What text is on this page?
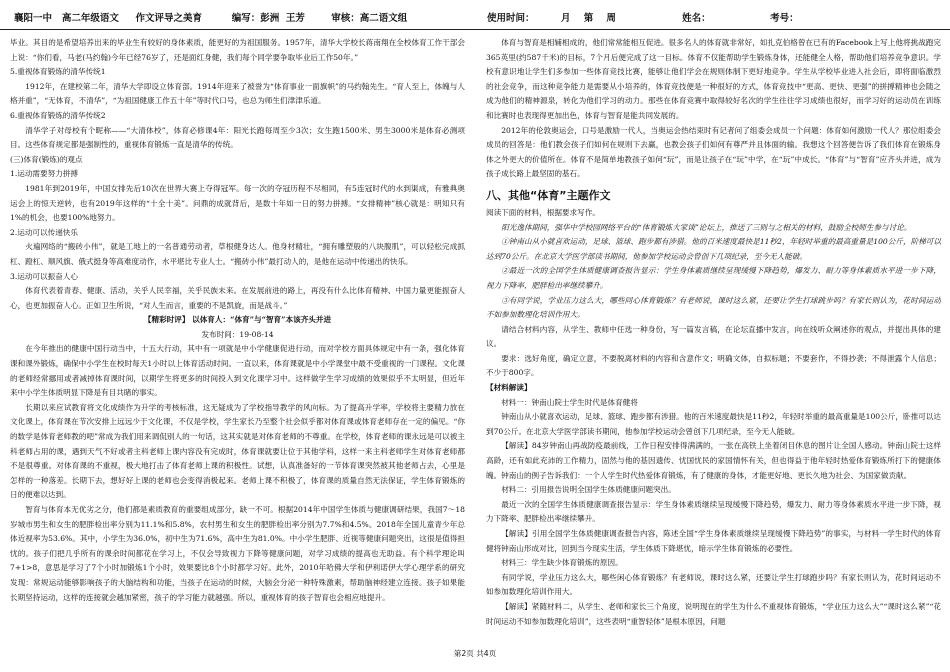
襄阳一中   高二年级语文     作文评导之美育         编写：彭洲  王芳        审核：高二语文组	使用时间：        月    第    周                    姓名：                  考号：

毕业。其目的是希望培养出来的毕业生有较好的身体素质，能更好的为祖国服务。1957年，清华大学校长蒋南翔在全校体育工作干部会上说：“你们看，马老(马约翰)今年已经76岁了，还是面红身健，我们每个同学要争取毕业后工作50年。”

5.重视体育锻炼的清华传统1

1912年，在建校第二年，清华大学即设立体育部。1914年迎来了被誉为“体育事业一面旗帜”的马约翰先生。“育人至上，体魄与人格并重”，“无体育，不清华”，“为祖国健康工作五十年”等时代口号，也总为师生们津津乐道。

6.重视体育锻炼的清华传统2

清华学子对母校有个昵称——“大清体校”，体育必修课4年：阳光长跑每周至少3次；女生跑1500米、男生3000米是体育必测项目。这些体育规定都是强制性的，重视体育锻炼一直是清华的传统。

(三)体育(锻炼)的观点

1.运动需要努力拼搏

1981年到2019年，中国女排先后10次在世界大赛上夺得冠军。每一次的夺冠历程不尽相同，有5连冠时代的水到渠成，有雅典奥运会上的惊天逆转，也有2019年这样的“十全十美”。问鼎的成就背后，是数十年如一日的努力拼搏。“女排精神”核心就是：明知只有1%的机会，也要100%地努力。

2.运动可以传递快乐

火遍网络的“搬砖小伟”，就是工地上的一名普通劳动者，草根健身达人。他身材精壮，“拥有雕塑般的八块腹肌”，可以轻松完成抓杠、蹬杠、顺风旗、俄式挺身等高难度动作，水平堪比专业人士。“搬砖小伟”最打动人的，是他在运动中传递出的快乐。

3.运动可以振奋人心

体育代表着青春、健康、活动，关乎人民幸福，关乎民族未来。在发展前进的路上，再没有什么比体育精神、中国力量更能振奋人心，也更加振奋人心。正如卫生所说，“对人生而言，重要的不是凯旋，而是战斗。”

【精彩时评】 以体育人：“体育”与“智育”本该齐头并进

发布时间：19-08-14

在今年推出的健康中国行动当中，十五大行动，其中有一项就是中小学健康促进行动，而对学校方面具体规定中有一条，强化体育课和课外锻炼，确保中小学生在校时每天1小时以上体育活动时间。一直以来，体育课就是中小学课堂中最不受重视的一门课程。文化课的老师经常挪用或者减掉体育课时间，以期学生将更多的时间投入到文化课学习中。这样做学生学习成绩的效果似乎不太明显，但近年来中小学生体质明显下降是有目共睹的事实。

长期以来应试教育将文化成绩作为升学的考核标准，这无疑成为了学校指导教学的风向标。为了提高升学率，学校将主要精力放在文化课上，体育课在节次安排上远远少于文化课，不仅是学校，学生家长乃至整个社会似乎都对体育课或体育老师存在一定的偏见。“你的数学是体育老师教的吧”常成为我们用来调侃别人的一句话，这其实就是对体育老师的不尊重。在学校，体育老师的课永远是可以被主科老师占用的课，遇到天气不好或者主科老师上课内容没有完成时，体育课就要让位于其他学科，这样一来主科老师学生对体育老师都不是很尊重。对体育课的不重视，极大地打击了体育老师上课的积极性。试想，认真准备好的一节体育课突然被其他老师占去，心里是怎样的一种落差。长期下去，想好好上课的老师也会变得消极起来。老师上课不积极了，体育课的质量自然无法保证，学生体育锻炼的日的便难以达到。

智育与体育本无优劣之分，他们都是素质教育的重要组成部分，缺一不可。根据2014年中国学生体质与健康调研结果，我国7～18岁城市男生和女生的肥胖检出率分别为11.1%和5.8%，农村男生和女生的肥胖检出率分别为7.7%和4.5%。2018年全国儿童青少年总体近视率为53.6%。其中，小学生为36.0%，初中生为71.6%，高中生为81.0%。中小学生肥胖、近视等健康问题突出，这很是值得担忧的。孩子们把几乎所有的课余时间都花在学习上，不仅会导致视力下降等健康问题，对学习成绩的提高也无助益。有个科学理论叫7+1>8，意思是学习了7个小时加锻炼1个小时，效果要比8个小时都学习好。此外，2010年哈佛大学和伊利诺伊大学心理学系的研究发现：常规运动能够影响孩子的大脑结构和功能，当孩子在运动的时候，大脑会分泌一种特殊激素，帮助脑神经建立连接。孩子如果能长期坚持运动，这样的连接就会越加紧密，孩子的学习能力就越强。所以，重视体育的孩子智育也会相应地提升。

体育与智育是相辅相成的，他们常常能相互促进。很多名人的体育就非常好，如扎克伯格曾在已有的Facebook上写上他将挑战跑完365英里(约587千米)的目标，7个月后便完成了这一目标。体育不仅能帮助学生锻炼身体，还能健全人格，帮助他们培养竞争意识。学校有意识地让学生们多参加一些体育竞技比赛，能够让他们学会在规则体制下更好地竞争。学生从学校毕业进入社会后，即将面临激烈的社会竞争，而这种竞争能力是需要从小培养的，体育竞技便是一种很好的方式，体育竞技中“更高、更快、更强”的拼搏精神也会随之成为他们的精神源泉，转化为他们学习的动力。那些在体育竞赛中取得较好名次的学生往往学习成绩也很好，而学习好的运动员在训练和比赛时也表现得更加出色，体育与智育是能共同发展的。

2012年的伦敦奥运会，口号是激励一代人，当奥运会热结束时有记者问了组委会成员一个问题：体育如何激励一代人？那位组委会成员的回答是：他们教会孩子们如何在规则下去赢，也教会孩子们如何有尊严并且体面的输。我想这个回答便告诉了我们体育在锻炼身体之外更大的价值所在。体育不是简单地教孩子如何“玩”，而是让孩子在“玩”中学，在“玩”中成长。“体育”与“智育”应齐头并进，成为孩子成长路上最坚固的基石。

八、其他“体育”主题作文

阅读下面的材料，根据要求写作。

阳光逸体期间，强华中学校园网络平台的“体育锻炼大家谈”论坛上，推送了三则与之相关的材料，鼓励全校师生参与讨论。

①钟南山从小就喜欢运动，足球、篮球、跑步都有涉猎。他的百米速度最快是11秒2，年轻时举重的最高重量是100公斤，阶梯可以达到70公斤。在北京大学医学部读书期间，他参加学校运动会曾创下几项纪录，至今无人能破。

②最近一次的全国学生体质健康调查报告显示：学生身体素质继续呈现缓慢下降趋势，爆发力、耐力等身体素质水平进一步下降，视力下降率、肥胖检出率继续攀升。

③有同学说，学业压力这么大，哪些同心体育锻炼？有老师说，课时这么紧，还要让学生打球跳步吗？有家长则认为，花时间运动不如参加数理化培训作用大。

请结合材料内容，从学生、教师中任选一种身份，写一篇发言稿，在论坛直播中发言，向在线听众阐述你的观点，并提出具体的建议。

要求：选好角度，确定立意，不要脱离材料的内容和含意作文；明确文体，自拟标题；不要套作，不得抄袭；不得泄露个人信息；不少于800字。

【材料解读】

材料一：钟南山院士学生时代是体育健将

钟南山从小就喜欢运动，足球、篮球、跑步都有涉猎。他的百米速度最快是11秒2，年轻时举重的最高重量是100公斤，卧推可以达到70公斤。在北京大学医学部读书期间，他参加学校运动会曾创下几项纪录，至今无人能破。

【解读】84岁钟南山再战防疫最前线，工作日程安排得满满的，一张在高铁上坐着闭目休息的图片让全国人感动。钟南山院士这样高龄，还有如此充沛的工作精力，固然与他的基因遗传、忧国忧民的家国情怀有关，但也得益于他年轻时热爱体育锻炼所打下的健康体魄。钟南山的例子告诉我们：一个人学生时代热爱体育锻炼，有了健康的身体，才能更好地、更长久地为社会、为国家做贡献。

材料二：引用报告说明全国学生体质健康问题突出。

最近一次的全国学生体质健康调查报告显示：学生身体素质继续呈现缓慢下降趋势，爆发力、耐力等身体素质水平进一步下降，视力下降率、肥胖检出率继续攀升。

【解读】引用全国学生体质健康调查报告内容，陈述全国“学生身体素质继续呈现缓慢下降趋势”的事实，与材料一学生时代的体育健将钟南山形成对比，回到当今现实生活，学生体质下降堪忧，暗示学生体育锻炼的必要性。

材料三：学生缺少体育锻炼的原因。

有同学说，学业压力这么大，哪些闲心体育锻炼？有老师说，课时这么紧，还要让学生打球跑步吗？有家长则认为，花时间运动不如参加数理化培训作用大。

【解读】紧随材料二，从学生、老师和家长三个角度，说明现在的学生为什么不重视体育锻炼，“学业压力这么大”“课时这么紧”“花时间运动不如参加数理化培训”，这些表明“重智轻体”是根本原因，问题

第2页 共4页
